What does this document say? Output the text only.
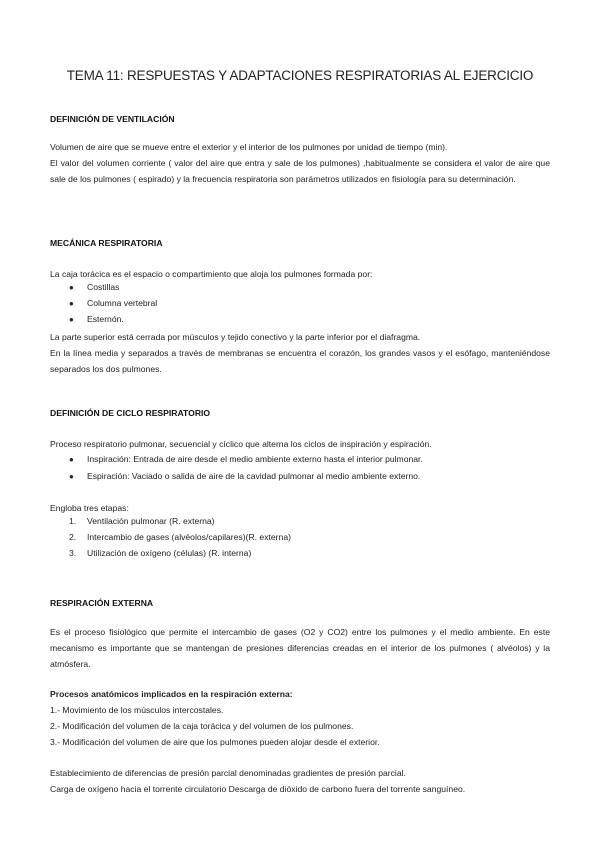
TEMA 11: RESPUESTAS Y ADAPTACIONES RESPIRATORIAS AL EJERCICIO
DEFINICIÓN DE VENTILACIÓN
Volumen de aire que se mueve entre el exterior y el interior de los pulmones por unidad de tiempo (min).
El valor del volumen corriente ( valor del aire que entra y sale de los pulmones) ,habitualmente se considera el valor de aire que sale de los pulmones ( espirado) y la frecuencia respiratoria son parámetros utilizados en fisiología para su determinación.
MECÁNICA RESPIRATORIA
La caja torácica es el espacio o compartimiento que aloja los pulmones formada por:
● Costillas
● Columna vertebral
● Esternón.
La parte superior está cerrada por músculos y tejido conectivo y la parte inferior por el diafragma.
En la línea media y separados a través de membranas se encuentra el corazón, los grandes vasos y el esófago, manteniéndose separados los dos pulmones.
DEFINICIÓN DE CICLO RESPIRATORIO
Proceso respiratorio pulmonar, secuencial y cíclico que alterna los ciclos de inspiración y espiración.
● Inspiración: Entrada de aire desde el medio ambiente externo hasta el interior pulmonar.
● Espiración: Vaciado o salida de aire de la cavidad pulmonar al medio ambiente externo.
Engloba tres etapas:
1. Ventilación pulmonar (R. externa)
2. Intercambio de gases (alvéolos/capilares)(R. externa)
3. Utilización de oxígeno (células) (R. interna)
RESPIRACIÓN EXTERNA
Es el proceso fisiológico que permite el intercambio de gases (O2 y CO2) entre los pulmones y el medio ambiente. En este mecanismo es importante que se mantengan de presiones diferencias creadas en el interior de los pulmones ( alvéolos) y la atmósfera.
Procesos anatómicos implicados en la respiración externa:
1.- Movimiento de los músculos intercostales.
2.- Modificación del volumen de la caja torácica y del volumen de los pulmones.
3.- Modificación del volumen de aire que los pulmones pueden alojar desde el exterior.
Establecimiento de diferencias de presión parcial denominadas gradientes de presión parcial.
Carga de oxígeno hacia el torrente circulatorio Descarga de dióxido de carbono fuera del torrente sanguíneo.
